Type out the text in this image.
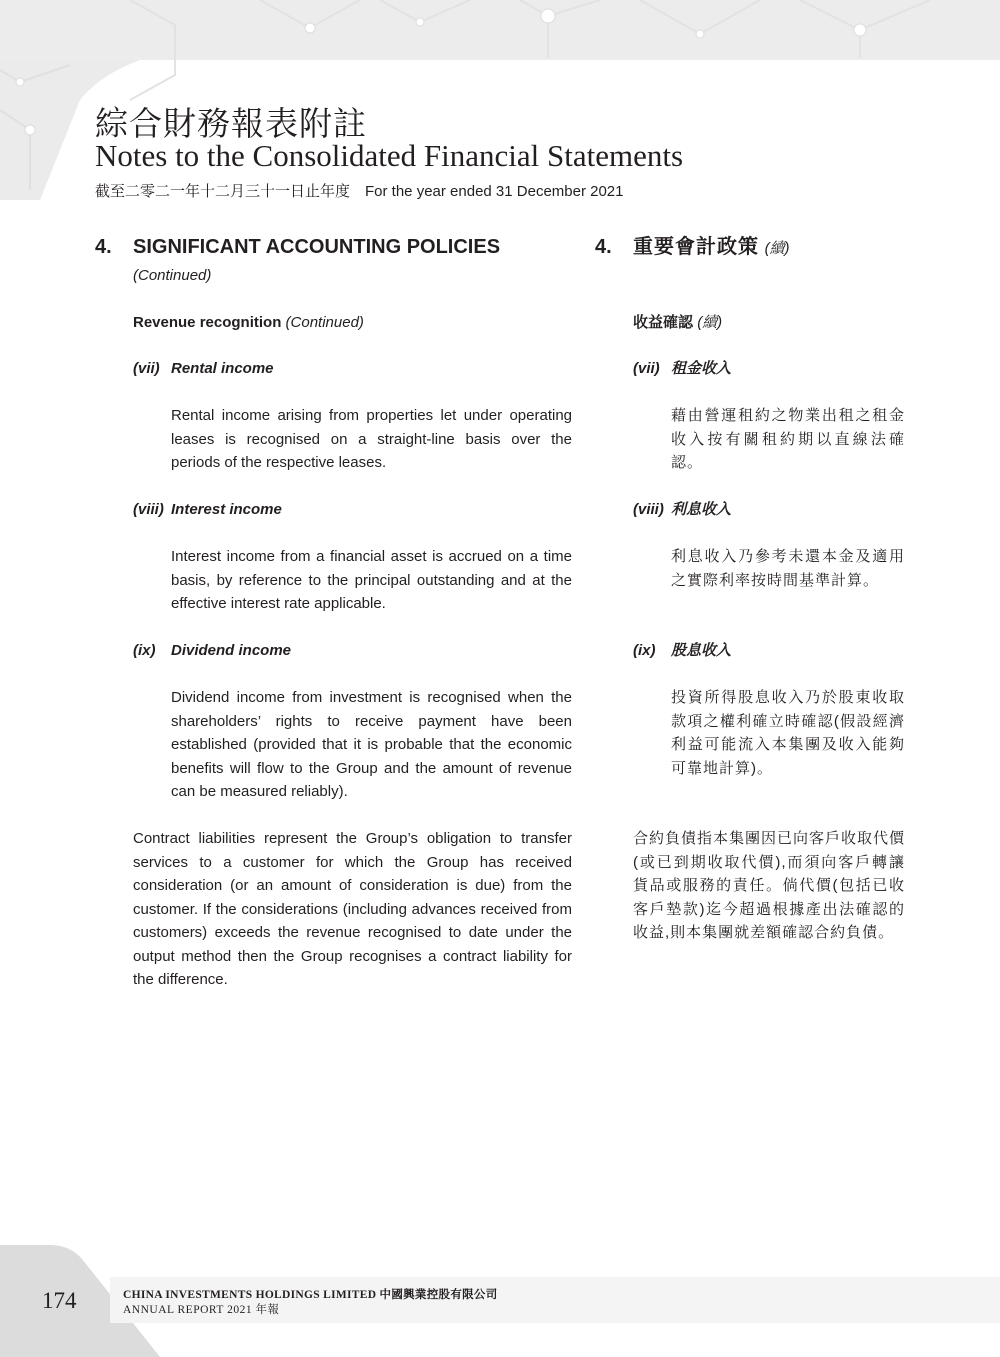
綜合財務報表附註
Notes to the Consolidated Financial Statements
截至二零二一年十二月三十一日止年度　For the year ended 31 December 2021
4. SIGNIFICANT ACCOUNTING POLICIES
(Continued)
Revenue recognition (Continued)
(vii) Rental income
Rental income arising from properties let under operating leases is recognised on a straight-line basis over the periods of the respective leases.
(viii) Interest income
Interest income from a financial asset is accrued on a time basis, by reference to the principal outstanding and at the effective interest rate applicable.
(ix) Dividend income
Dividend income from investment is recognised when the shareholders’ rights to receive payment have been established (provided that it is probable that the economic benefits will flow to the Group and the amount of revenue can be measured reliably).
Contract liabilities represent the Group’s obligation to transfer services to a customer for which the Group has received consideration (or an amount of consideration is due) from the customer. If the considerations (including advances received from customers) exceeds the revenue recognised to date under the output method then the Group recognises a contract liability for the difference.
4. 重要會計政策 (續)
收益確認 (續)
(vii) 租金收入
藉由營運租約之物業出租之租金收入按有關租約期以直線法確認。
(viii) 利息收入
利息收入乃參考未還本金及適用之實際利率按時間基準計算。
(ix) 股息收入
投資所得股息收入乃於股東收取款項之權利確立時確認(假設經濟利益可能流入本集團及收入能夠可靠地計算)。
合約負債指本集團因已向客戶收取代價(或已到期收取代價),而須向客戶轉讓貨品或服務的責任。倘代價(包括已收客戶墊款)迄今超過根據產出法確認的收益,則本集團就差額確認合約負債。
174	CHINA INVESTMENTS HOLDINGS LIMITED 中國興業控股有限公司
ANNUAL REPORT 2021 年報
